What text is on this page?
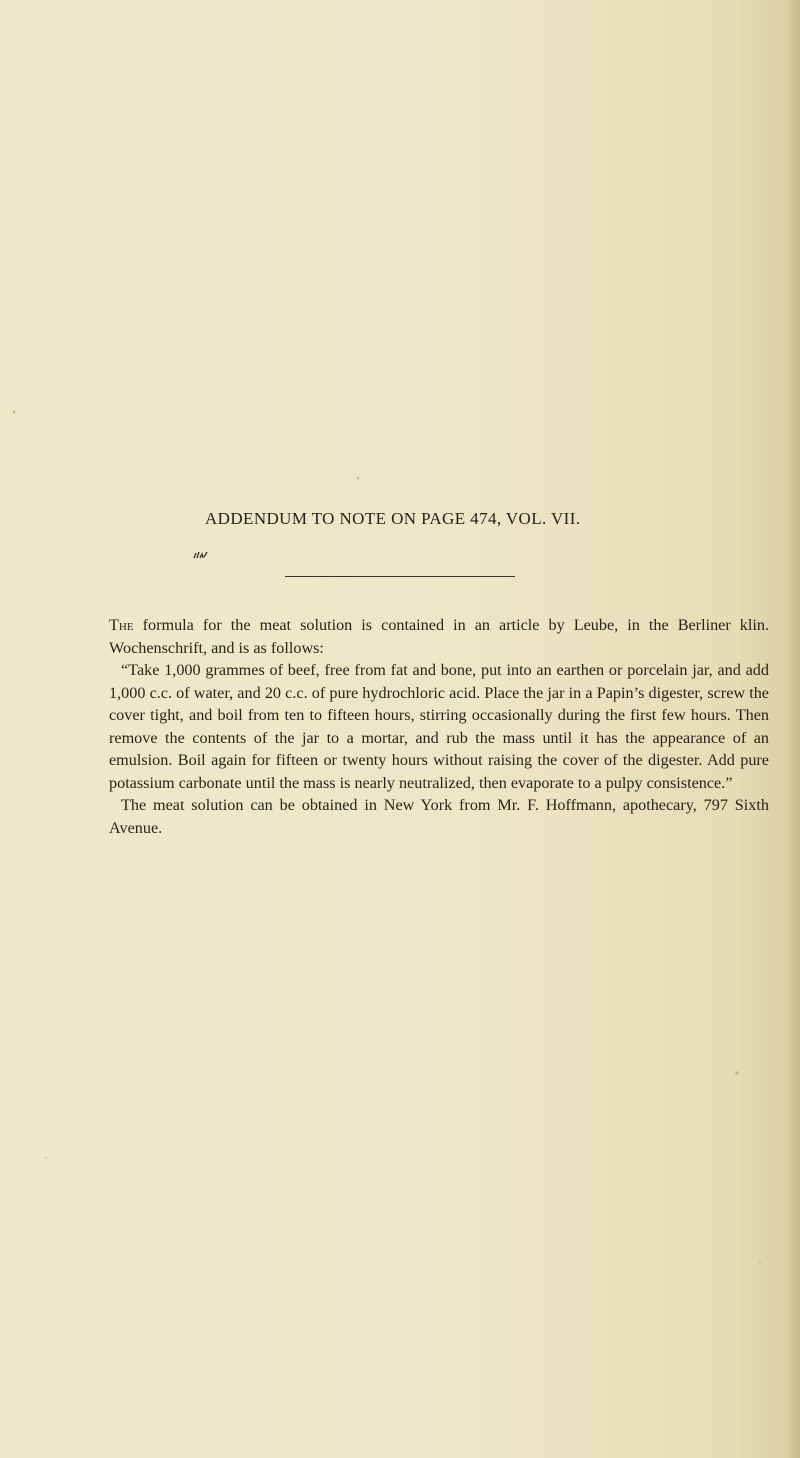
ADDENDUM TO NOTE ON PAGE 474, VOL. VII.

The formula for the meat solution is contained in an article by Leube, in the Berliner klin. Wochenschrift, and is as follows:

“Take 1,000 grammes of beef, free from fat and bone, put into an earthen or porcelain jar, and add 1,000 c.c. of water, and 20 c.c. of pure hydrochloric acid. Place the jar in a Papin’s digester, screw the cover tight, and boil from ten to fifteen hours, stirring occasionally during the first few hours. Then remove the contents of the jar to a mortar, and rub the mass until it has the appearance of an emulsion. Boil again for fifteen or twenty hours without raising the cover of the digester. Add pure potassium carbonate until the mass is nearly neutralized, then evaporate to a pulpy consistence.”

The meat solution can be obtained in New York from Mr. F. Hoffmann, apothecary, 797 Sixth Avenue.
